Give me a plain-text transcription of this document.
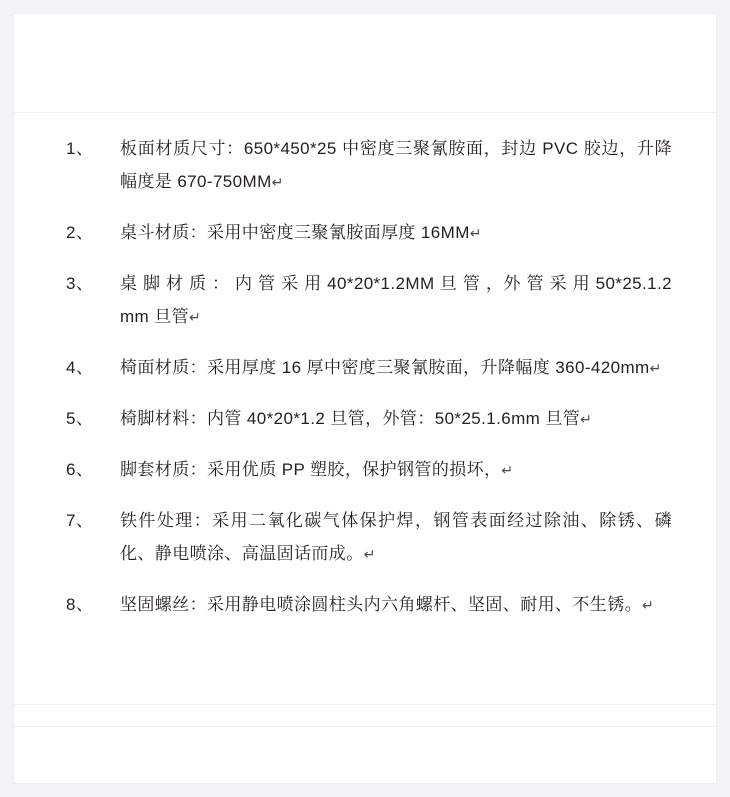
1、	板面材质尺寸：650*450*25 中密度三聚氰胺面，封边 PVC 胶边，升降幅度是 670-750MM↵
2、	桌斗材质：采用中密度三聚氰胺面厚度 16MM↵
3、	桌 脚 材 质 ： 内 管 采 用 40*20*1.2MM 旦 管 ，外 管 采 用 50*25.1.2mm 旦管↵
4、	椅面材质：采用厚度 16 厚中密度三聚氰胺面，升降幅度 360-420mm↵
5、	椅脚材料：内管 40*20*1.2 旦管，外管：50*25.1.6mm 旦管↵
6、	脚套材质：采用优质 PP 塑胶，保护钢管的损坏，↵
7、	铁件处理：采用二氧化碳气体保护焊，钢管表面经过除油、除锈、磷化、静电喷涂、高温固话而成。↵
8、	坚固螺丝：采用静电喷涂圆柱头内六角螺杆、坚固、耐用、不生锈。↵
